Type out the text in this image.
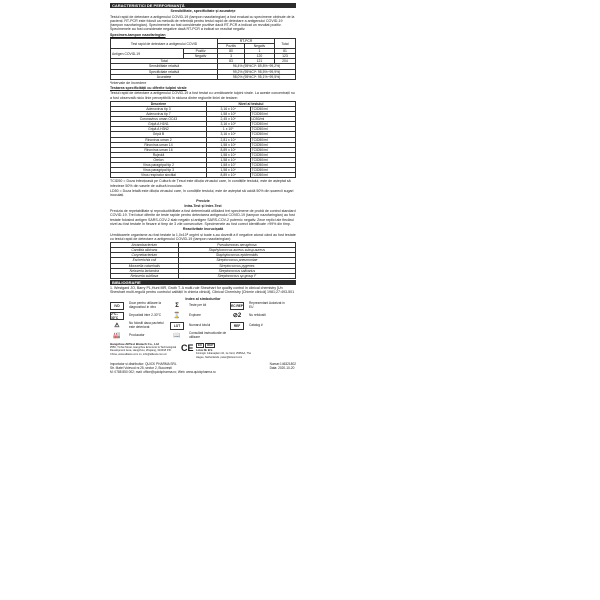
CARACTERISTICI DE PERFORMANȚĂ

Sensibilitate, specificitate și acuratețe

Testul rapid de detectare a antigenului COVID-19 (tampon nazofaringian) a fost evaluat cu specimene obținute de la pacienți. RT-PCR este folosit ca metodă de referință pentru testul rapid de detectare a antigenului COVID-19 (tampon nazofaringian). Specimenele au fost considerate pozitive dacă RT-PCR a indicat un rezultat pozitiv. Specimenele au fost considerate negative dacă RT-PCR a indicat un rezultat negativ.

Specimen-tampon nazofaringian

Test rapid de detectare a antigenului COVID		RT-PCR		Total
		Pozitiv	Negativ	
Antigen COVID-19	Pozitiv	80	1	81
	Negativ	3	120	123
Total		83	121	204
Sensibilitate relativă		96,4% (95%CI*: 89,8%~99,2%)		
Specificitate relativă		99,2% (95%CI*: 95,5%~99,9%)		
Acuratețe		98,0% (95%CI*: 95,1%~99,5%)		

*Intervale de încredere

Testarea specificității cu diferite tulpini virale

Testul rapid de detectare a antigenului COVID-19 a fost testat cu următoarele tulpini virale. La aceste concentrații nu a fost observată nicio linie perceptibilă în niciuna dintre regiunile liniei de testare:

Descriere	Nivel al testului	
Adenovirus tip 3	3,16 x 10⁴	TCID50/ml
Adenovirus tip 7	1,58 x 10⁵	TCID50/ml
Coronavirus uman OC43	2,45 x 10⁶	LD50/ml
Gripă A H1N1	3,16 x 10⁵	TCID50/ml
Gripă A H3N2	1 x 10⁵	TCID50/ml
Gripă B	3,16 x 10⁶	TCID50/ml
Rinovirus uman 2	2,81 x 10⁴	TCID50/ml
Rinovirus uman 14	1,58 x 10⁶	TCID50/ml
Rinovirus uman 16	8,89 x 10⁶	TCID50/ml
Rujeolă	1,58 x 10⁴	TCID50/ml
Oreion	1,58 x 10⁴	TCID50/ml
Virus paragripal tip 2	1,58 x 10⁷	TCID50/ml
Virus paragripal tip 3	1,58 x 10⁸	TCID50/ml
Virus respirator sincitial	8,89 x 10⁴	TCID50/ml

TCID50 = Doza infecțioasă pe Cultură de Țesut este diluția virusului care, în condițiile testului, este de așteptat să infecteze 50% din vasele de cultură inoculate.

LD50 = Doza letală este diluția virusului care, în condițiile testului, este de așteptat să ucidă 50% din șoarecii sugari inoculați.

Precizie

Intra-Test și Inter-Test

Precizia de repetabilitate și reproductibilitate a fost determinată utilizând trei specimene de probă de control standard COVID-19. Trei loturi diferite de teste rapide pentru detectarea antigenului COVID-19 (tampon nazofaringian) au fost testate folosind antigen SARS-COV-2 slab negativ și antigen SARS-COV-2 puternic negativ. Zece replici ale fiecărui nivel au fost testate în fiecare zi timp de 3 zile consecutive. Specimenele au fost corect identificate >99% din timp.

Reactivitate încrucișată

Următoarele organisme au fost testate la 1,0x10⁸ org/ml și toate s-au dovedit a fi negative atunci când au fost testate cu testul rapid de detectare a antigenului COVID-19 (tampon nazofaringian):

Arcanobacterium	Pseudomonas aeruginosa
Candida albicans	Staphylococcus aureus subsp.aureus
Corynebacterium	Staphylococcus epidermidis
Escherichia coli	Streptococcus pneumoniae
Moraxella catarrhalis	Streptococcus pygenes
Neisseria lactamica	Streptococcus salivarius
Neisseria subflava	Streptococcus sp group F
BIBLIOGRAFIE

1. Westgard JO, Barry PL,Hunt MR, Groth T. A multi-rule Shewhart for quality control in clinical chemistry [Un Shewhart multi-regulă pentru controlul calității în chimia clinică], Clinical Chemistry [Chimie clinică] 1981;27:493-501

Index al simbolurilor
IVD
Doar pentru utilizare la diagnosticul in vitro	Σ	Teste per kit	EC REP
Reprezentant Autorizat in EU
2°C–30°C
Depozitati intre 2-30°C	⌛	Expirare	⊘2	Nu refolositi
⚠	Nu folositi daca pachetul este deteriorat	LOT	Numarul lotului	REF	Catalog #
🏭	Producator	📖	Consultati instructiunile de utilizare
Hangzhou AllTest Biotech Co., Ltd
#550, Yinhai Street, Hangzhou Economic & Technological Development Area, Hangzhou, Zhejiang, 310018 P.R. China, www.alltests.com.cn, info@alltests.com.cn
CE	EC	REP
Lotus NL B.V.
Koningin Julianaplein 10, 1e Verd, 2595AA, The Hague, Netherlands. peter@lotusnl.com
Importator si distribuitor: QUICK PHARMA SRL
Str. Matei Voievod nr.25, sector 2, București
M: 0788 850 002; mail: office@quickpharma.ro; Web: www.quickpharma.ro
Numar:146321802
Data: 2020-10-20
